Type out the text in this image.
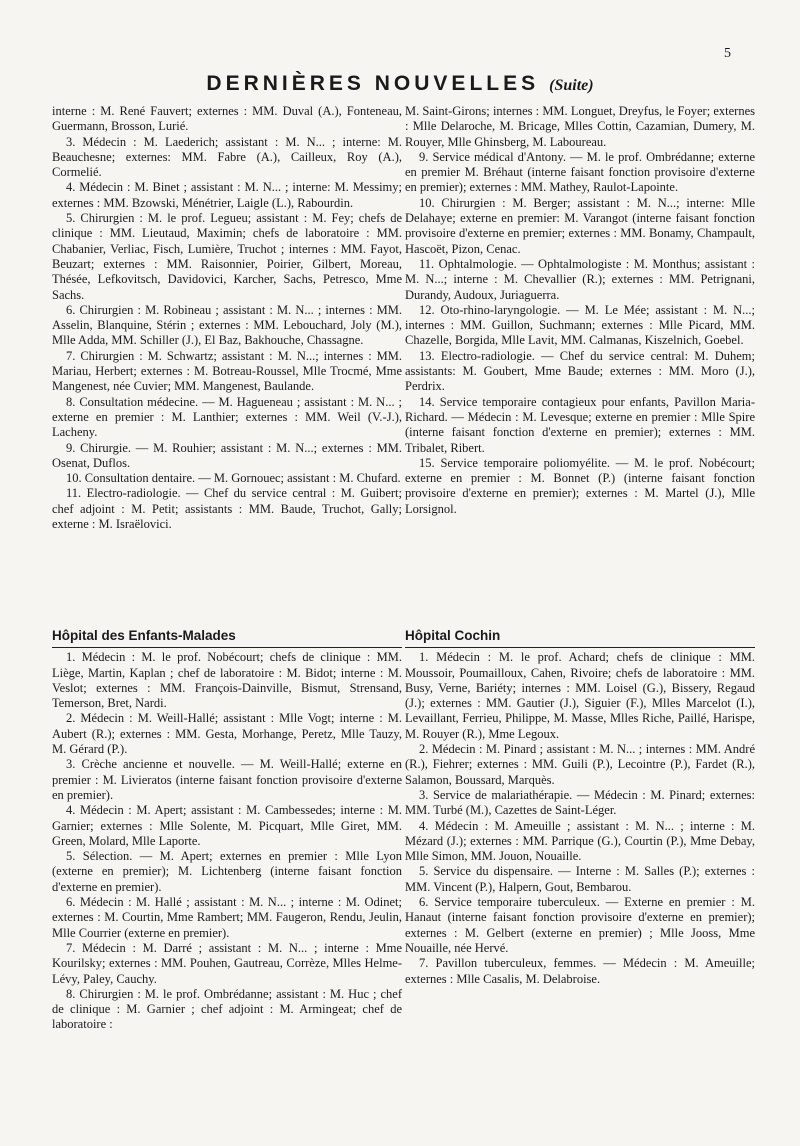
5
DERNIÈRES NOUVELLES (Suite)

interne : M. René Fauvert; externes : MM. Duval (A.), Fonteneau, Guermann, Brosson, Lurié.

3. Médecin : M. Laederich; assistant : M. N... ; interne: M. Beauchesne; externes: MM. Fabre (A.), Cailleux, Roy (A.), Cormelié.

4. Médecin : M. Binet ; assistant : M. N... ; interne: M. Messimy; externes : MM. Bzowski, Ménétrier, Laigle (L.), Rabourdin.

5. Chirurgien : M. le prof. Legueu; assistant : M. Fey; chefs de clinique : MM. Lieutaud, Maximin; chefs de laboratoire : MM. Chabanier, Verliac, Fisch, Lumière, Truchot ; internes : MM. Fayot, Beuzart; externes : MM. Raisonnier, Poirier, Gilbert, Moreau, Thésée, Lefkovitsch, Davidovici, Karcher, Sachs, Petresco, Mme Sachs.

6. Chirurgien : M. Robineau ; assistant : M. N... ; internes : MM. Asselin, Blanquine, Stérin ; externes : MM. Lebouchard, Joly (M.), Mlle Adda, MM. Schiller (J.), El Baz, Bakhouche, Chassagne.

7. Chirurgien : M. Schwartz; assistant : M. N...; internes : MM. Mariau, Herbert; externes : M. Botreau-Roussel, Mlle Trocmé, Mme Mangenest, née Cuvier; MM. Mangenest, Baulande.

8. Consultation médecine. — M. Hagueneau ; assistant : M. N... ; externe en premier : M. Lanthier; externes : MM. Weil (V.-J.), Lacheny.

9. Chirurgie. — M. Rouhier; assistant : M. N...; externes : MM. Osenat, Duflos.

10. Consultation dentaire. — M. Gornouec; assistant : M. Chufard.

11. Electro-radiologie. — Chef du service central : M. Guibert; chef adjoint : M. Petit; assistants : MM. Baude, Truchot, Gally; externe : M. Israëlovici.

M. Saint-Girons; internes : MM. Longuet, Dreyfus, le Foyer; externes : Mlle Delaroche, M. Bricage, Mlles Cottin, Cazamian, Dumery, M. Rouyer, Mlle Ghinsberg, M. Laboureau.

9. Service médical d'Antony. — M. le prof. Ombrédanne; externe en premier M. Bréhaut (interne faisant fonction provisoire d'externe en premier); externes : MM. Mathey, Raulot-Lapointe.

10. Chirurgien : M. Berger; assistant : M. N...; interne: Mlle Delahaye; externe en premier: M. Varangot (interne faisant fonction provisoire d'externe en premier; externes : MM. Bonamy, Champault, Hascoët, Pizon, Cenac.

11. Ophtalmologie. — Ophtalmologiste : M. Monthus; assistant : M. N...; interne : M. Chevallier (R.); externes : MM. Petrignani, Durandy, Audoux, Juriaguerra.

12. Oto-rhino-laryngologie. — M. Le Mée; assistant : M. N...; internes : MM. Guillon, Suchmann; externes : Mlle Picard, MM. Chazelle, Borgida, Mlle Lavit, MM. Calmanas, Kiszelnich, Goebel.

13. Electro-radiologie. — Chef du service central: M. Duhem; assistants: M. Goubert, Mme Baude; externes : MM. Moro (J.), Perdrix.

14. Service temporaire contagieux pour enfants, Pavillon Maria-Richard. — Médecin : M. Levesque; externe en premier : Mlle Spire (interne faisant fonction d'externe en premier); externes : MM. Tribalet, Ribert.

15. Service temporaire poliomyélite. — M. le prof. Nobécourt; externe en premier : M. Bonnet (P.) (interne faisant fonction provisoire d'externe en premier); externes : M. Martel (J.), Mlle Lorsignol.

Hôpital des Enfants-Malades

1. Médecin : M. le prof. Nobécourt; chefs de clinique : MM. Liège, Martin, Kaplan ; chef de laboratoire : M. Bidot; interne : M. Veslot; externes : MM. François-Dainville, Bismut, Strensand, Temerson, Bret, Nardi.

2. Médecin : M. Weill-Hallé; assistant : Mlle Vogt; interne : M. Aubert (R.); externes : MM. Gesta, Morhange, Peretz, Mlle Tauzy, M. Gérard (P.).

3. Crèche ancienne et nouvelle. — M. Weill-Hallé; externe en premier : M. Livieratos (interne faisant fonction provisoire d'externe en premier).

4. Médecin : M. Apert; assistant : M. Cambessedes; interne : M. Garnier; externes : Mlle Solente, M. Picquart, Mlle Giret, MM. Green, Molard, Mlle Laporte.

5. Sélection. — M. Apert; externes en premier : Mlle Lyon (externe en premier); M. Lichtenberg (interne faisant fonction d'externe en premier).

6. Médecin : M. Hallé ; assistant : M. N... ; interne : M. Odinet; externes : M. Courtin, Mme Rambert; MM. Faugeron, Rendu, Jeulin, Mlle Courrier (externe en premier).

7. Médecin : M. Darré ; assistant : M. N... ; interne : Mme Kourilsky; externes : MM. Pouhen, Gautreau, Corrèze, Mlles Helme-Lévy, Paley, Cauchy.

8. Chirurgien : M. le prof. Ombrédanne; assistant : M. Huc ; chef de clinique : M. Garnier ; chef adjoint : M. Armingeat; chef de laboratoire :

Hôpital Cochin

1. Médecin : M. le prof. Achard; chefs de clinique : MM. Moussoir, Poumailloux, Cahen, Rivoire; chefs de laboratoire : MM. Busy, Verne, Bariéty; internes : MM. Loisel (G.), Bissery, Regaud (J.); externes : MM. Gautier (J.), Siguier (F.), Mlles Marcelot (I.), Levaillant, Ferrieu, Philippe, M. Masse, Mlles Riche, Paillé, Harispe, M. Rouyer (R.), Mme Legoux.

2. Médecin : M. Pinard ; assistant : M. N... ; internes : MM. André (R.), Fiehrer; externes : MM. Guili (P.), Lecointre (P.), Fardet (R.), Salamon, Boussard, Marquès.

3. Service de malariathérapie. — Médecin : M. Pinard; externes: MM. Turbé (M.), Cazettes de Saint-Léger.

4. Médecin : M. Ameuille ; assistant : M. N... ; interne : M. Mézard (J.); externes : MM. Parrique (G.), Courtin (P.), Mme Debay, Mlle Simon, MM. Jouon, Nouaille.

5. Service du dispensaire. — Interne : M. Salles (P.); externes : MM. Vincent (P.), Halpern, Gout, Bembarou.

6. Service temporaire tuberculeux. — Externe en premier : M. Hanaut (interne faisant fonction provisoire d'externe en premier); externes : M. Gelbert (externe en premier) ; Mlle Jooss, Mme Nouaille, née Hervé.

7. Pavillon tuberculeux, femmes. — Médecin : M. Ameuille; externes : Mlle Casalis, M. Delabroise.
